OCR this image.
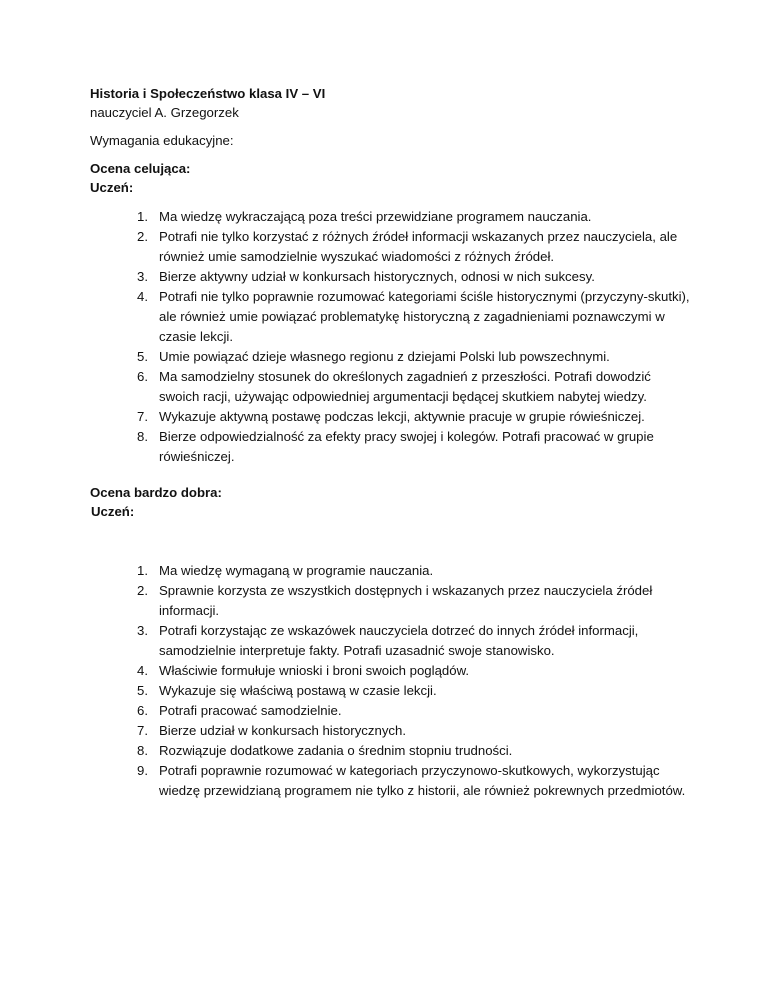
Historia i Społeczeństwo klasa IV – VI
nauczyciel A. Grzegorzek
Wymagania edukacyjne:
Ocena celująca:
Uczeń:
1. Ma wiedzę wykraczającą poza treści przewidziane programem nauczania.
2. Potrafi nie tylko korzystać z różnych źródeł informacji wskazanych przez nauczyciela, ale również umie samodzielnie wyszukać wiadomości z różnych źródeł.
3. Bierze aktywny udział w konkursach historycznych, odnosi w nich sukcesy.
4. Potrafi nie tylko poprawnie rozumować kategoriami ściśle historycznymi (przyczyny-skutki), ale również umie powiązać problematykę historyczną z zagadnieniami poznawczymi w czasie lekcji.
5. Umie powiązać dzieje własnego regionu z dziejami Polski lub powszechnymi.
6. Ma samodzielny stosunek do określonych zagadnień z przeszłości. Potrafi dowodzić swoich racji, używając odpowiedniej argumentacji będącej skutkiem nabytej wiedzy.
7. Wykazuje aktywną postawę podczas lekcji, aktywnie pracuje w grupie rówieśniczej.
8. Bierze odpowiedzialność za efekty pracy swojej i kolegów. Potrafi pracować w grupie rówieśniczej.
Ocena bardzo dobra:
Uczeń:
1. Ma wiedzę wymaganą w programie nauczania.
2. Sprawnie korzysta ze wszystkich dostępnych i wskazanych przez nauczyciela źródeł informacji.
3. Potrafi korzystając ze wskazówek nauczyciela dotrzeć do innych źródeł informacji, samodzielnie interpretuje fakty. Potrafi uzasadnić swoje stanowisko.
4. Właściwie formułuje wnioski i broni swoich poglądów.
5. Wykazuje się właściwą postawą w czasie lekcji.
6. Potrafi pracować samodzielnie.
7. Bierze udział w konkursach historycznych.
8. Rozwiązuje dodatkowe zadania o średnim stopniu trudności.
9. Potrafi poprawnie rozumować w kategoriach przyczynowo-skutkowych, wykorzystując wiedzę przewidzianą programem nie tylko z historii, ale również pokrewnych przedmiotów.
